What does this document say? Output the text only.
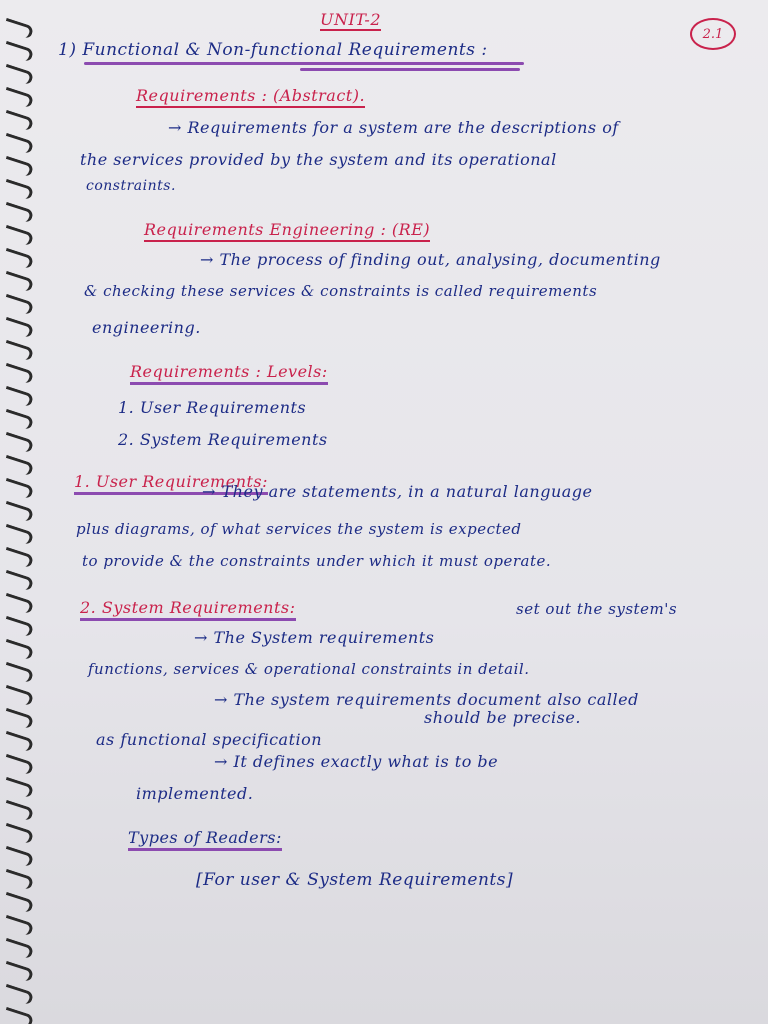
UNIT-2
2.1
1) Functional & Non-functional Requirements :
Requirements : (Abstract).
→ Requirements for a system are the descriptions of
the services provided by the system and its operational
constraints.
Requirements Engineering : (RE)
→ The process of finding out, analysing, documenting
& checking these services & constraints is called requirements
engineering.
Requirements : Levels:
1. User Requirements
2. System Requirements
1. User Requirements:
→ They are statements, in a natural language
plus diagrams, of what services the system is expected
to provide & the constraints under which it must operate.
2. System Requirements:	set out the system's
→ The System requirements
functions, services & operational constraints in detail.
→ The system requirements document also called
should be precise.
as functional specification
→ It defines exactly what is to be
implemented.
Types of Readers:
[For user & System Requirements]
